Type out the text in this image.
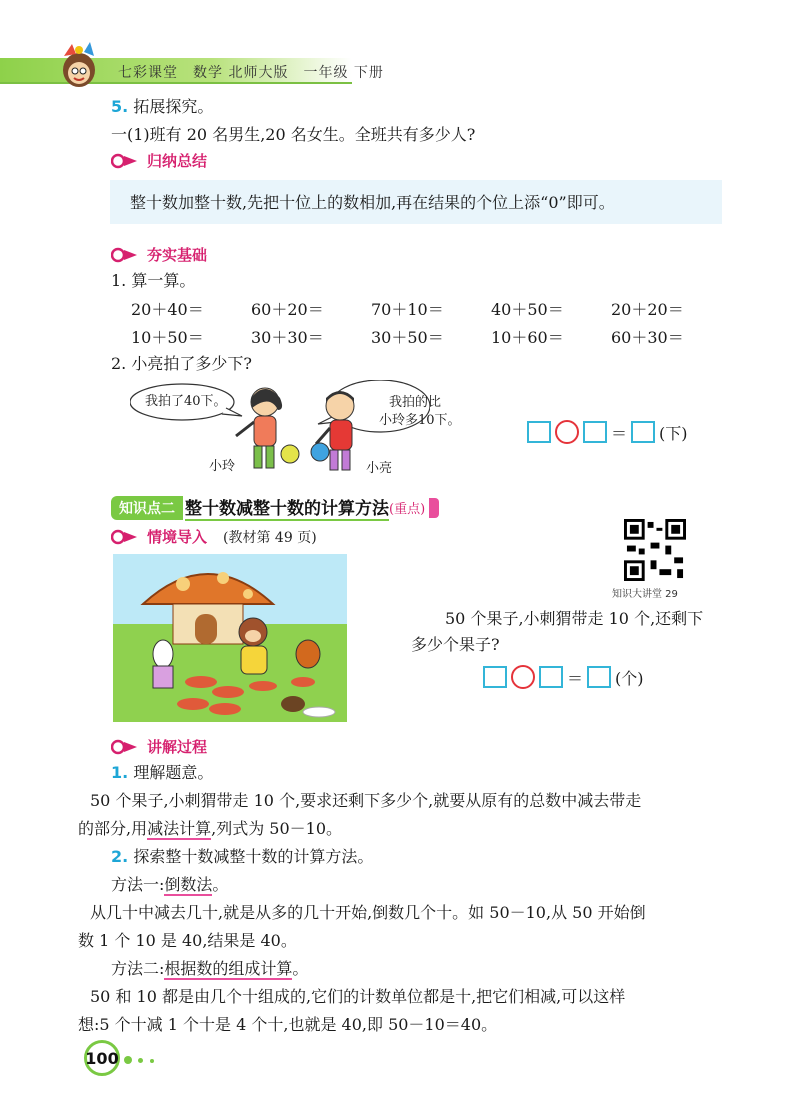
七彩课堂　数学 北师大版　一年级 下册
5. 拓展探究。
一(1)班有 20 名男生,20 名女生。全班共有多少人?
归纳总结
整十数加整十数,先把十位上的数相加,再在结果的个位上添“0”即可。
夯实基础
1. 算一算。
20＋40＝	60＋20＝	70＋10＝	40＋50＝	20＋20＝
10＋50＝	30＋30＝	30＋50＝	10＋60＝	60＋30＝
2. 小亮拍了多少下?
我拍了40下。	我拍的比
小玲多10下。
小玲	小亮
＝ (下)
知识点二 整十数减整十数的计算方法 (重点)
情境导入 (教材第 49 页)
知识大讲堂 29
50 个果子,小刺猬带走 10 个,还剩下
多少个果子?
＝ (个)
讲解过程
1. 理解题意。
50 个果子,小刺猬带走 10 个,要求还剩下多少个,就要从原有的总数中减去带走
的部分,用减法计算,列式为 50－10。
2. 探索整十数减整十数的计算方法。
方法一:倒数法。
从几十中减去几十,就是从多的几十开始,倒数几个十。如 50－10,从 50 开始倒
数 1 个 10 是 40,结果是 40。
方法二:根据数的组成计算。
50 和 10 都是由几个十组成的,它们的计数单位都是十,把它们相减,可以这样
想:5 个十减 1 个十是 4 个十,也就是 40,即 50－10＝40。
100
